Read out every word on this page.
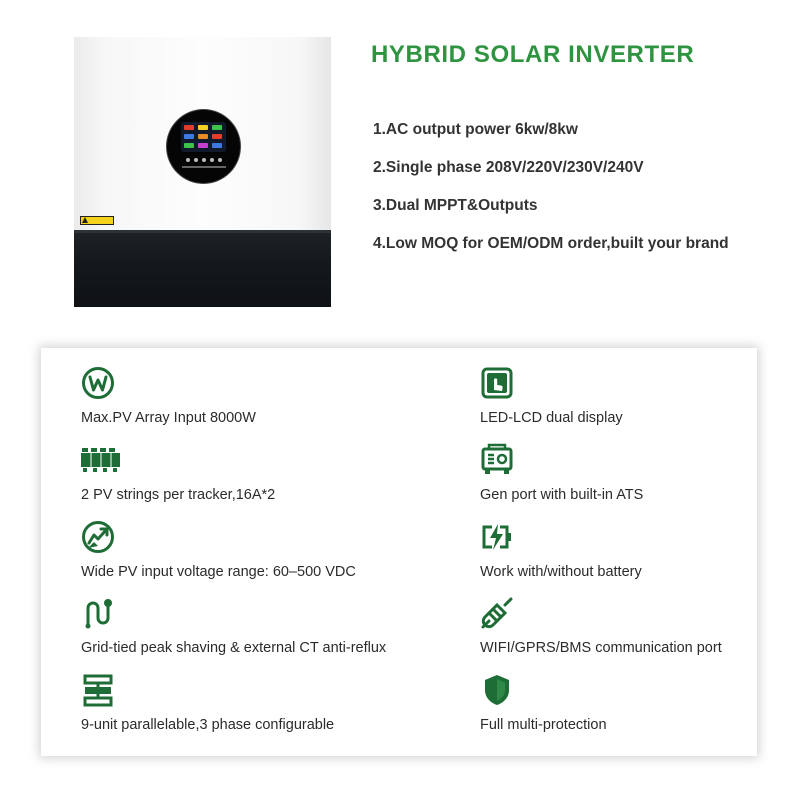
HYBRID SOLAR INVERTER
1.AC output power 6kw/8kw
2.Single phase 208V/220V/230V/240V
3.Dual MPPT&Outputs
4.Low MOQ for OEM/ODM order,built your brand
Max.PV Array Input 8000W	LED-LCD dual display
2 PV strings per tracker,16A*2	Gen port with built-in ATS
Wide PV input voltage range: 60–500 VDC	Work with/without battery
Grid-tied peak shaving & external CT anti-reflux	WIFI/GPRS/BMS communication port
9-unit parallelable,3 phase configurable	Full multi-protection
